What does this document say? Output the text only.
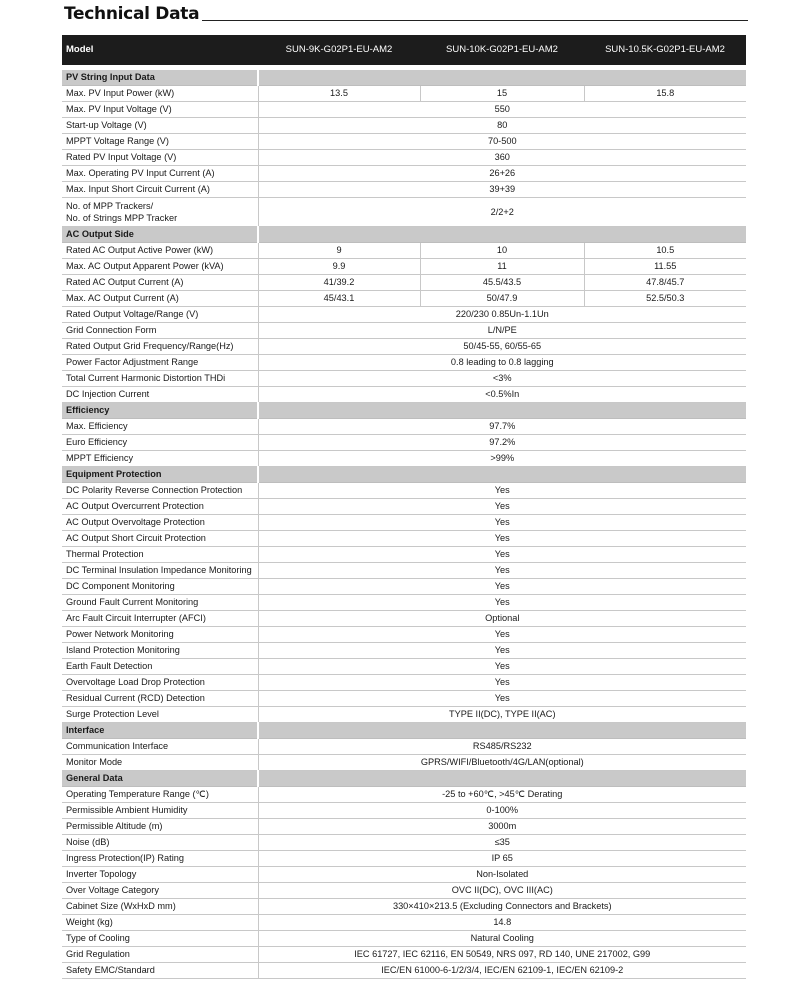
Technical Data
Model	SUN-9K-G02P1-EU-AM2	SUN-10K-G02P1-EU-AM2	SUN-10.5K-G02P1-EU-AM2
PV String Input Data			
Max. PV Input Power (kW)	13.5	15	15.8
Max. PV Input Voltage (V)	550		
Start-up Voltage (V)	80		
MPPT Voltage Range (V)	70-500		
Rated PV Input Voltage (V)	360		
Max. Operating PV Input Current (A)	26+26		
Max. Input Short Circuit Current (A)	39+39		
No. of MPP Trackers/
No. of Strings MPP Tracker	2/2+2		
AC Output Side			
Rated AC Output Active Power (kW)	9	10	10.5
Max. AC Output Apparent Power (kVA)	9.9	11	11.55
Rated AC Output Current (A)	41/39.2	45.5/43.5	47.8/45.7
Max. AC Output Current (A)	45/43.1	50/47.9	52.5/50.3
Rated Output Voltage/Range (V)	220/230 0.85Un-1.1Un		
Grid Connection Form	L/N/PE		
Rated Output Grid Frequency/Range(Hz)	50/45-55, 60/55-65		
Power Factor Adjustment Range	0.8 leading to 0.8 lagging		
Total Current Harmonic Distortion THDi	<3%		
DC Injection Current	<0.5%In		
Efficiency			
Max. Efficiency	97.7%		
Euro Efficiency	97.2%		
MPPT Efficiency	>99%		
Equipment Protection			
DC Polarity Reverse Connection Protection	Yes		
AC Output Overcurrent Protection	Yes		
AC Output Overvoltage Protection	Yes		
AC Output Short Circuit Protection	Yes		
Thermal Protection	Yes		
DC Terminal Insulation Impedance Monitoring	Yes		
DC Component Monitoring	Yes		
Ground Fault Current Monitoring	Yes		
Arc Fault Circuit Interrupter (AFCI)	Optional		
Power Network Monitoring	Yes		
Island Protection Monitoring	Yes		
Earth Fault Detection	Yes		
Overvoltage Load Drop Protection	Yes		
Residual Current (RCD) Detection	Yes		
Surge Protection Level	TYPE II(DC), TYPE II(AC)		
Interface			
Communication Interface	RS485/RS232		
Monitor Mode	GPRS/WIFI/Bluetooth/4G/LAN(optional)		
General Data			
Operating Temperature Range (℃)	-25 to +60℃, >45℃ Derating		
Permissible Ambient Humidity	0-100%		
Permissible Altitude (m)	3000m		
Noise (dB)	≤35		
Ingress Protection(IP) Rating	IP 65		
Inverter Topology	Non-Isolated		
Over Voltage Category	OVC II(DC), OVC III(AC)		
Cabinet Size (WxHxD mm)	330×410×213.5 (Excluding Connectors and Brackets)		
Weight (kg)	14.8		
Type of Cooling	Natural Cooling		
Grid Regulation	IEC 61727, IEC 62116, EN 50549, NRS 097, RD 140, UNE 217002, G99		
Safety EMC/Standard	IEC/EN 61000-6-1/2/3/4, IEC/EN 62109-1, IEC/EN 62109-2		
